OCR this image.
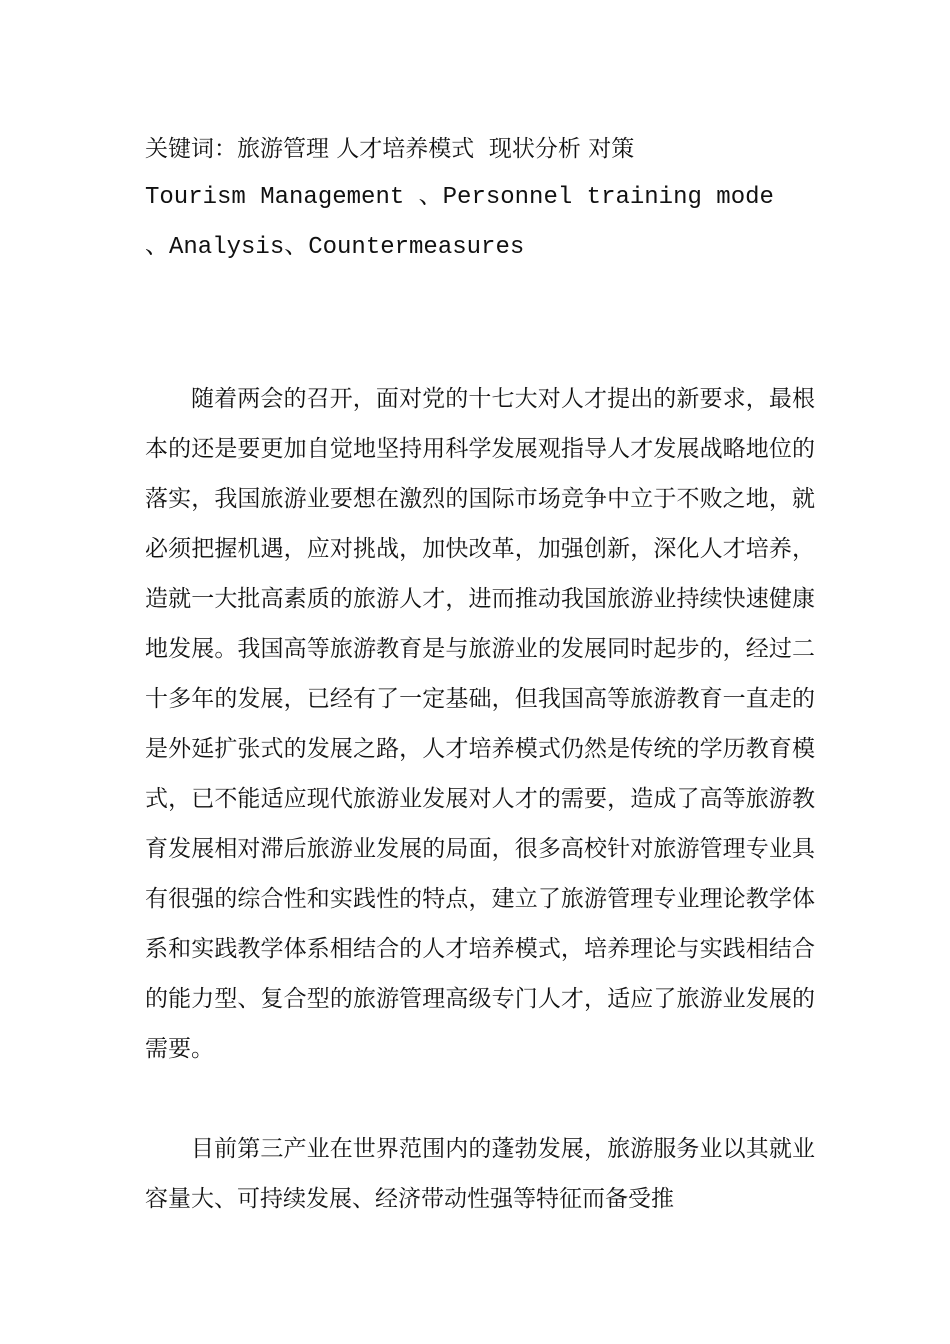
关键词：旅游管理 人才培养模式  现状分析 对策
Tourism Management 、Personnel training mode
、Analysis、Countermeasures

随着两会的召开，面对党的十七大对人才提出的新要求，最根本的还是要更加自觉地坚持用科学发展观指导人才发展战略地位的落实，我国旅游业要想在激烈的国际市场竞争中立于不败之地，就必须把握机遇，应对挑战，加快改革，加强创新，深化人才培养，造就一大批高素质的旅游人才，进而推动我国旅游业持续快速健康地发展。我国高等旅游教育是与旅游业的发展同时起步的，经过二十多年的发展，已经有了一定基础，但我国高等旅游教育一直走的是外延扩张式的发展之路，人才培养模式仍然是传统的学历教育模式，已不能适应现代旅游业发展对人才的需要，造成了高等旅游教育发展相对滞后旅游业发展的局面，很多高校针对旅游管理专业具有很强的综合性和实践性的特点，建立了旅游管理专业理论教学体系和实践教学体系相结合的人才培养模式，培养理论与实践相结合的能力型、复合型的旅游管理高级专门人才，适应了旅游业发展的需要。

目前第三产业在世界范围内的蓬勃发展，旅游服务业以其就业容量大、可持续发展、经济带动性强等特征而备受推
